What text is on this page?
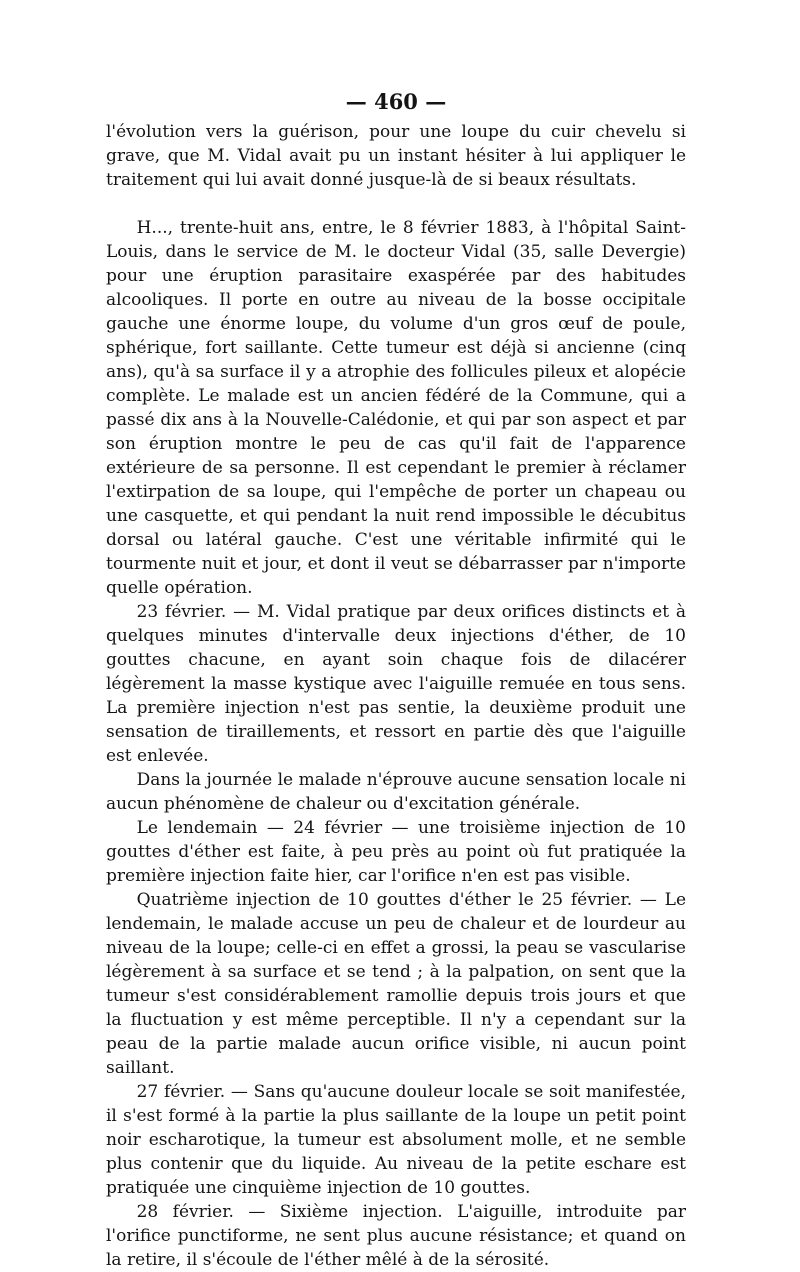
— 460 —

l'évolution vers la guérison, pour une loupe du cuir chevelu si grave, que M. Vidal avait pu un instant hésiter à lui appliquer le traitement qui lui avait donné jusque-là de si beaux résultats.

H..., trente-huit ans, entre, le 8 février 1883, à l'hôpital Saint-Louis, dans le service de M. le docteur Vidal (35, salle Devergie) pour une éruption parasitaire exaspérée par des habitudes alcooliques. Il porte en outre au niveau de la bosse occipitale gauche une énorme loupe, du volume d'un gros œuf de poule, sphérique, fort saillante. Cette tumeur est déjà si ancienne (cinq ans), qu'à sa surface il y a atrophie des follicules pileux et alopécie complète. Le malade est un ancien fédéré de la Commune, qui a passé dix ans à la Nouvelle-Calédonie, et qui par son aspect et par son éruption montre le peu de cas qu'il fait de l'apparence extérieure de sa personne. Il est cependant le premier à réclamer l'extirpation de sa loupe, qui l'empêche de porter un chapeau ou une casquette, et qui pendant la nuit rend impossible le décubitus dorsal ou latéral gauche. C'est une véritable infirmité qui le tourmente nuit et jour, et dont il veut se débarrasser par n'importe quelle opération.

23 février. — M. Vidal pratique par deux orifices distincts et à quelques minutes d'intervalle deux injections d'éther, de 10 gouttes chacune, en ayant soin chaque fois de dilacérer légèrement la masse kystique avec l'aiguille remuée en tous sens. La première injection n'est pas sentie, la deuxième produit une sensation de tiraillements, et ressort en partie dès que l'aiguille est enlevée.

Dans la journée le malade n'éprouve aucune sensation locale ni aucun phénomène de chaleur ou d'excitation générale.

Le lendemain — 24 février — une troisième injection de 10 gouttes d'éther est faite, à peu près au point où fut pratiquée la première injection faite hier, car l'orifice n'en est pas visible.

Quatrième injection de 10 gouttes d'éther le 25 février. — Le lendemain, le malade accuse un peu de chaleur et de lourdeur au niveau de la loupe; celle-ci en effet a grossi, la peau se vascularise légèrement à sa surface et se tend ; à la palpation, on sent que la tumeur s'est considérablement ramollie depuis trois jours et que la fluctuation y est même perceptible. Il n'y a cependant sur la peau de la partie malade aucun orifice visible, ni aucun point saillant.

27 février. — Sans qu'aucune douleur locale se soit manifestée, il s'est formé à la partie la plus saillante de la loupe un petit point noir escharotique, la tumeur est absolument molle, et ne semble plus contenir que du liquide. Au niveau de la petite eschare est pratiquée une cinquième injection de 10 gouttes.

28 février. — Sixième injection. L'aiguille, introduite par l'orifice punctiforme, ne sent plus aucune résistance; et quand on la retire, il s'écoule de l'éther mêlé à de la sérosité.
